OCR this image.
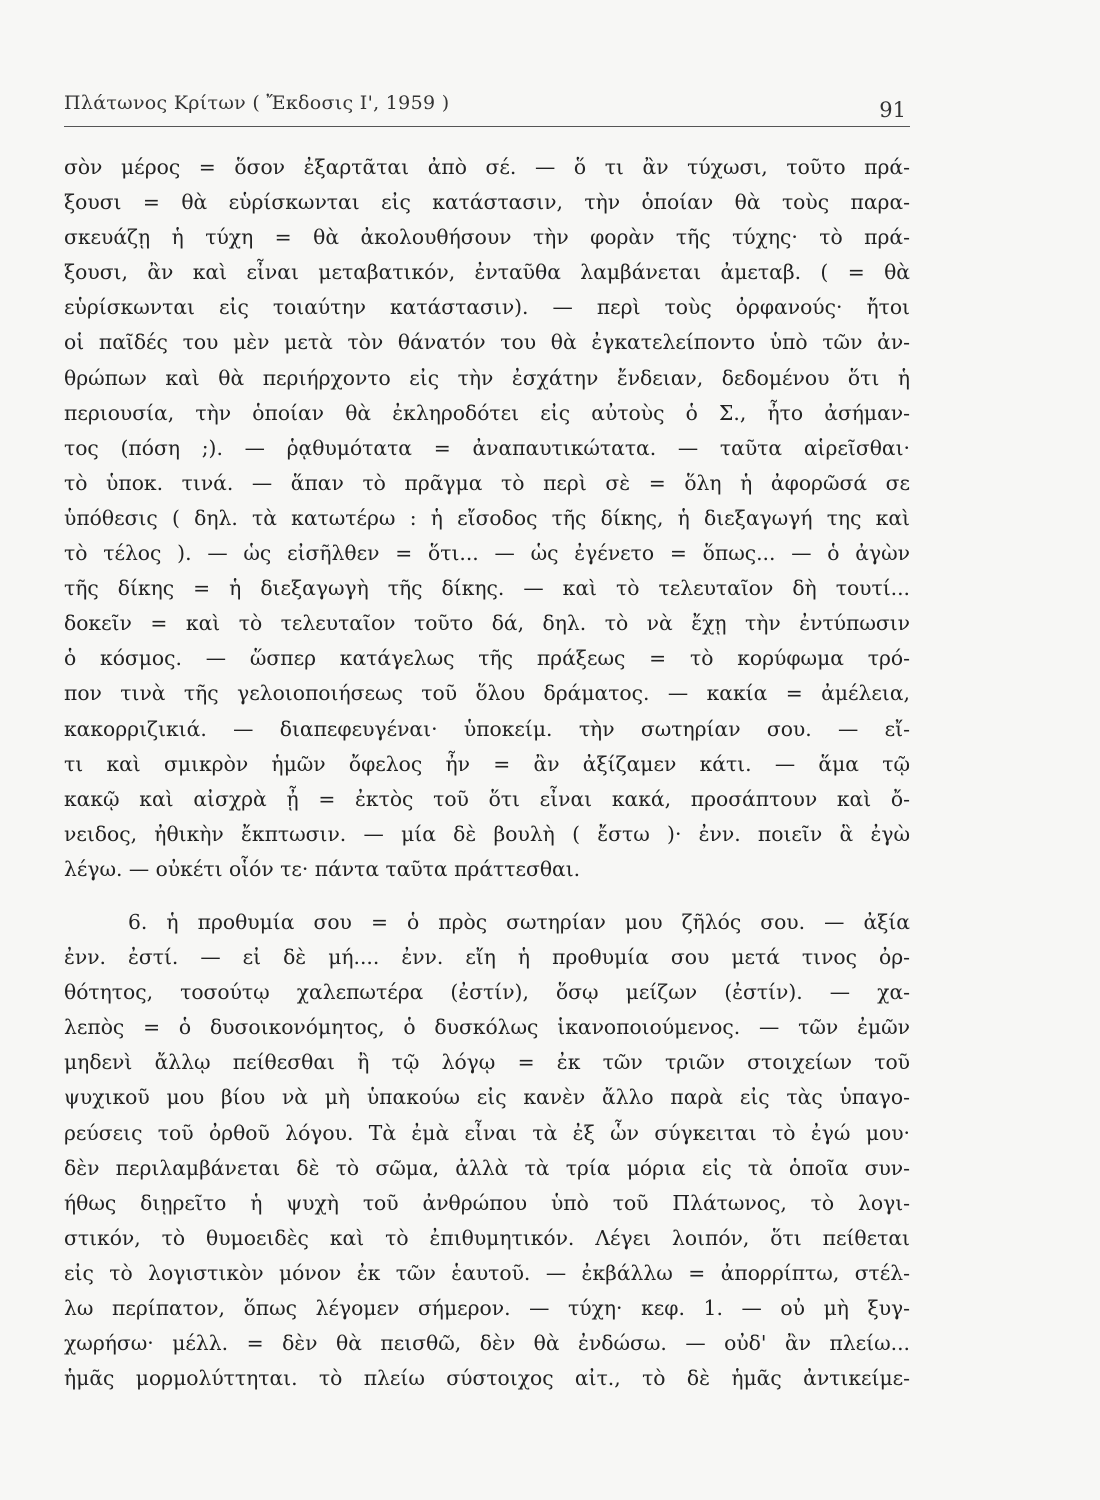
Πλάτωνος Κρίτων ( Ἔκδοσις Ι', 1959 )	91
σὸν μέρος = ὅσον ἐξαρτᾶται ἀπὸ σέ. — ὅ τι ἂν τύχωσι, τοῦτο πρά-
ξουσι = θὰ εὑρίσκωνται εἰς κατάστασιν, τὴν ὁποίαν θὰ τοὺς παρα-
σκευάζῃ ἡ τύχη = θὰ ἀκολουθήσουν τὴν φορὰν τῆς τύχης· τὸ πρά-
ξουσι, ἂν καὶ εἶναι μεταβατικόν, ἐνταῦθα λαμβάνεται ἀμεταβ. ( = θὰ
εὑρίσκωνται εἰς τοιαύτην κατάστασιν). — περὶ τοὺς ὀρφανούς· ἤτοι
οἱ παῖδές του μὲν μετὰ τὸν θάνατόν του θὰ ἐγκατελείποντο ὑπὸ τῶν ἀν-
θρώπων καὶ θὰ περιήρχοντο εἰς τὴν ἐσχάτην ἔνδειαν, δεδομένου ὅτι ἡ
περιουσία, τὴν ὁποίαν θὰ ἐκληροδότει εἰς αὐτοὺς ὁ Σ., ἦτο ἀσήμαν-
τος (πόση ;). — ῥᾳθυμότατα = ἀναπαυτικώτατα. — ταῦτα αἱρεῖσθαι·
τὸ ὑποκ. τινά. — ἅπαν τὸ πρᾶγμα τὸ περὶ σὲ = ὅλη ἡ ἀφορῶσά σε
ὑπόθεσις ( δηλ. τὰ κατωτέρω : ἡ εἴσοδος τῆς δίκης, ἡ διεξαγωγή της καὶ
τὸ τέλος ). — ὡς εἰσῆλθεν = ὅτι... — ὡς ἐγένετο = ὅπως... — ὁ ἀγὼν
τῆς δίκης = ἡ διεξαγωγὴ τῆς δίκης. — καὶ τὸ τελευταῖον δὴ τουτί...
δοκεῖν = καὶ τὸ τελευταῖον τοῦτο δά, δηλ. τὸ νὰ ἔχῃ τὴν ἐντύπωσιν
ὁ κόσμος. — ὥσπερ κατάγελως τῆς πράξεως = τὸ κορύφωμα τρό-
πον τινὰ τῆς γελοιοποιήσεως τοῦ ὅλου δράματος. — κακία = ἀμέλεια,
κακορριζικιά. — διαπεφευγέναι· ὑποκείμ. τὴν σωτηρίαν σου. — εἴ-
τι καὶ σμικρὸν ἡμῶν ὄφελος ἦν = ἂν ἀξίζαμεν κάτι. — ἅμα τῷ
κακῷ καὶ αἰσχρὰ ᾖ = ἐκτὸς τοῦ ὅτι εἶναι κακά, προσάπτουν καὶ ὄ-
νειδος, ἠθικὴν ἔκπτωσιν. — μία δὲ βουλὴ ( ἔστω )· ἐνν. ποιεῖν ἃ ἐγὼ
λέγω. — οὐκέτι οἷόν τε· πάντα ταῦτα πράττεσθαι.
6. ἡ προθυμία σου = ὁ πρὸς σωτηρίαν μου ζῆλός σου. — ἀξία
ἐνν. ἐστί. — εἰ δὲ μή.... ἐνν. εἴη ἡ προθυμία σου μετά τινος ὀρ-
θότητος, τοσούτῳ χαλεπωτέρα (ἐστίν), ὅσῳ μείζων (ἐστίν). — χα-
λεπὸς = ὁ δυσοικονόμητος, ὁ δυσκόλως ἱκανοποιούμενος. — τῶν ἐμῶν
μηδενὶ ἄλλῳ πείθεσθαι ἢ τῷ λόγῳ = ἐκ τῶν τριῶν στοιχείων τοῦ
ψυχικοῦ μου βίου νὰ μὴ ὑπακούω εἰς κανὲν ἄλλο παρὰ εἰς τὰς ὑπαγο-
ρεύσεις τοῦ ὀρθοῦ λόγου. Τὰ ἐμὰ εἶναι τὰ ἐξ ὧν σύγκειται τὸ ἐγώ μου·
δὲν περιλαμβάνεται δὲ τὸ σῶμα, ἀλλὰ τὰ τρία μόρια εἰς τὰ ὁποῖα συν-
ήθως διῃρεῖτο ἡ ψυχὴ τοῦ ἀνθρώπου ὑπὸ τοῦ Πλάτωνος, τὸ λογι-
στικόν, τὸ θυμοειδὲς καὶ τὸ ἐπιθυμητικόν. Λέγει λοιπόν, ὅτι πείθεται
εἰς τὸ λογιστικὸν μόνον ἐκ τῶν ἑαυτοῦ. — ἐκβάλλω = ἀπορρίπτω, στέλ-
λω περίπατον, ὅπως λέγομεν σήμερον. — τύχη· κεφ. 1. — οὐ μὴ ξυγ-
χωρήσω· μέλλ. = δὲν θὰ πεισθῶ, δὲν θὰ ἐνδώσω. — οὐδ' ἂν πλείω...
ἡμᾶς μορμολύττηται. τὸ πλείω σύστοιχος αἰτ., τὸ δὲ ἡμᾶς ἀντικείμε-
